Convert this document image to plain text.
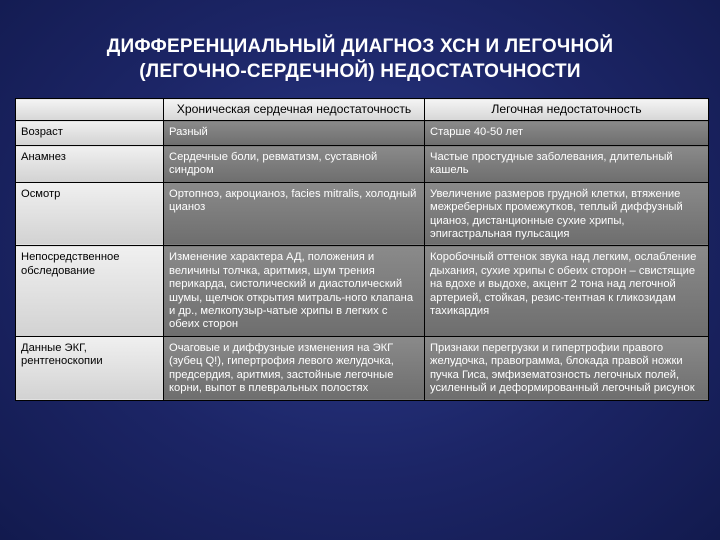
ДИФФЕРЕНЦИАЛЬНЫЙ ДИАГНОЗ ХСН И ЛЕГОЧНОЙ
(ЛЕГОЧНО-СЕРДЕЧНОЙ) НЕДОСТАТОЧНОСТИ
	Хроническая сердечная недостаточность	Легочная недостаточность
Возраст	Разный	Старше 40-50 лет
Анамнез	Сердечные боли, ревматизм, суставной синдром	Частые простудные заболевания, длительный кашель
Осмотр	Ортопноэ, акроцианоз, facies mitralis, холодный цианоз	Увеличение размеров грудной клетки, втяжение межреберных промежутков, теплый диффузный цианоз, дистанционные сухие хрипы, эпигастральная пульсация
Непосредственное обследование	Изменение характера АД, положения и величины толчка, аритмия, шум трения перикарда, систолический и диастолический шумы, щелчок открытия митраль-ного клапана и др., мелкопузыр-чатые хрипы в легких с обеих сторон	Коробочный оттенок звука над легким, ослабление дыхания, сухие хрипы с обеих сторон – свистящие на вдохе и выдохе, акцент 2 тона над легочной артерией, стойкая, резис-тентная к гликозидам тахикардия
Данные ЭКГ, рентгеноскопии	Очаговые и диффузные изменения на ЭКГ (зубец Q!), гипертрофия левого желудочка, предсердия, аритмия, застойные легочные корни, выпот в плевральных полостях	Признаки перегрузки и гипертрофии правого желудочка, правограмма, блокада правой ножки пучка Гиса, эмфизематозность легочных полей, усиленный и деформированный легочный рисунок
